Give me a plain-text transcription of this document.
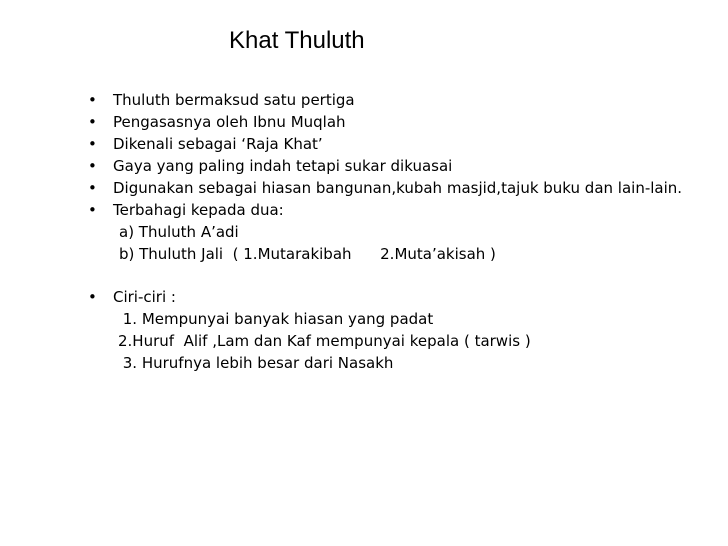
Khat Thuluth
•	Thuluth bermaksud satu pertiga
•	Pengasasnya oleh Ibnu Muqlah
•	Dikenali sebagai ‘Raja Khat’
•	Gaya yang paling indah tetapi sukar dikuasai
•	Digunakan sebagai hiasan bangunan,kubah masjid,tajuk buku dan lain-lain.
•	Terbahagi kepada dua:
a) Thuluth A’adi
b) Thuluth Jali  ( 1.Mutarakibah      2.Muta’akisah )
•	Ciri-ciri :
1. Mempunyai banyak hiasan yang padat
2.Huruf  Alif ,Lam dan Kaf mempunyai kepala ( tarwis )
3. Hurufnya lebih besar dari Nasakh
